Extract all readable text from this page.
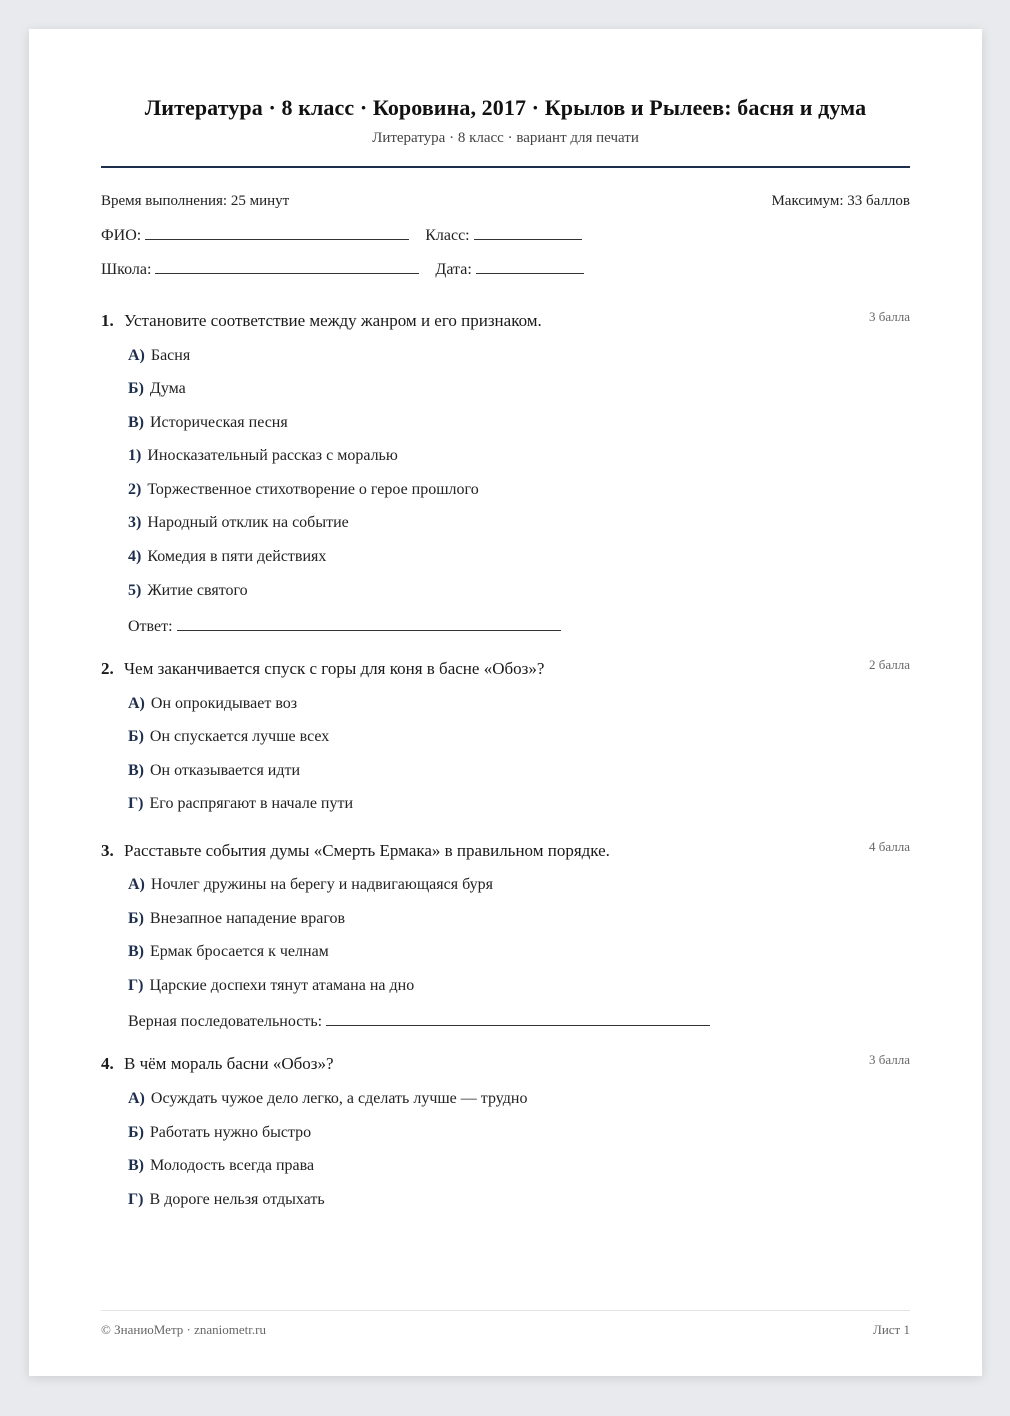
Литература · 8 класс · Коровина, 2017 · Крылов и Рылеев: басня и дума
Литература · 8 класс · вариант для печати
Время выполнения: 25 минут	Максимум: 33 баллов
ФИО:	Класс:
Школа:	Дата:
1. Установите соответствие между жанром и его признаком.	3 балла
А) Басня
Б) Дума
В) Историческая песня
1) Иносказательный рассказ с моралью
2) Торжественное стихотворение о герое прошлого
3) Народный отклик на событие
4) Комедия в пяти действиях
5) Житие святого
Ответ:
2. Чем заканчивается спуск с горы для коня в басне «Обоз»?	2 балла
А) Он опрокидывает воз
Б) Он спускается лучше всех
В) Он отказывается идти
Г) Его распрягают в начале пути
3. Расставьте события думы «Смерть Ермака» в правильном порядке.	4 балла
А) Ночлег дружины на берегу и надвигающаяся буря
Б) Внезапное нападение врагов
В) Ермак бросается к челнам
Г) Царские доспехи тянут атамана на дно
Верная последовательность:
4. В чём мораль басни «Обоз»?	3 балла
А) Осуждать чужое дело легко, а сделать лучше — трудно
Б) Работать нужно быстро
В) Молодость всегда права
Г) В дороге нельзя отдыхать
© ЗнаниоМетр · znaniometr.ru	Лист 1
